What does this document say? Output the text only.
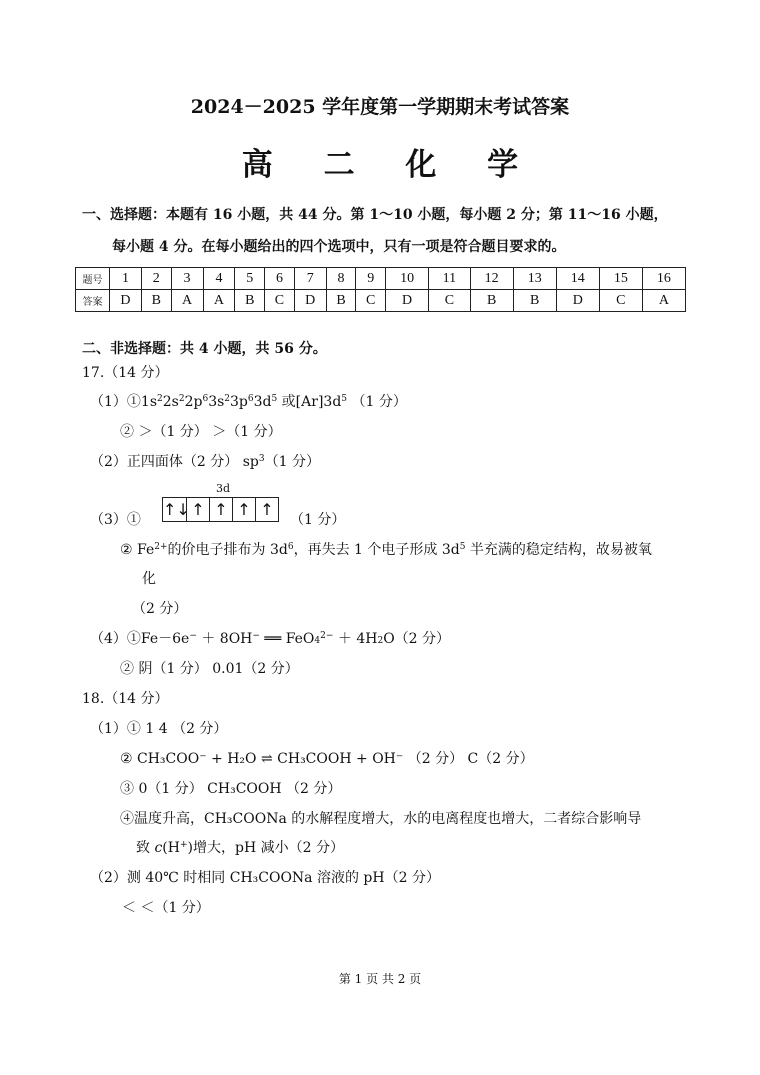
2024－2025 学年度第一学期期末考试答案
高 二 化 学
一、选择题：本题有 16 小题，共 44 分。第 1～10 小题，每小题 2 分；第 11～16 小题，
每小题 4 分。在每小题给出的四个选项中，只有一项是符合题目要求的。
题号	1	2	3	4	5	6	7	8	9	10	11	12	13	14	15	16
答案	D	B	A	A	B	C	D	B	C	D	C	B	B	D	C	A
二、非选择题：共 4 小题，共 56 分。
17.（14 分）
$(1)①1s^22s^22p^63s^23p^63d^5$ 或$[Ar]3d^5$ （1 分）
② ＞（1 分） ＞（1 分）
（2）正四面体（2 分） $sp^3(1$ 分）
3d
（3）①
↑↓ ↑ ↑ ↑ ↑
（1 分）
② $Fe^{2+}$的价电子排布为 $3d^6$，再失去 1 个电子形成 $3d^5$ 半充满的稳定结构，故易被氧
化
（2 分）
（4）①Fe－6e− ＋ 8OH− ══ $FeO_4^{2-} + 4H_2O(2$ 分）
② 阴（1 分） 0.01（2 分）
18.（14 分）
（1）① 1 4 （2 分）
② CH₃COO⁻ + H₂O ⇌ CH₃COOH + OH⁻ （2 分） C（2 分）
③ 0（1 分） CH₃COOH （2 分）
④温度升高，CH₃COONa 的水解程度增大，水的电离程度也增大，二者综合影响导
致 c(H+)增大，pH 减小（2 分）
（2）测 40℃ 时相同 CH₃COONa 溶液的 pH（2 分）
＜ ＜（1 分）
第 1 页 共 2 页
